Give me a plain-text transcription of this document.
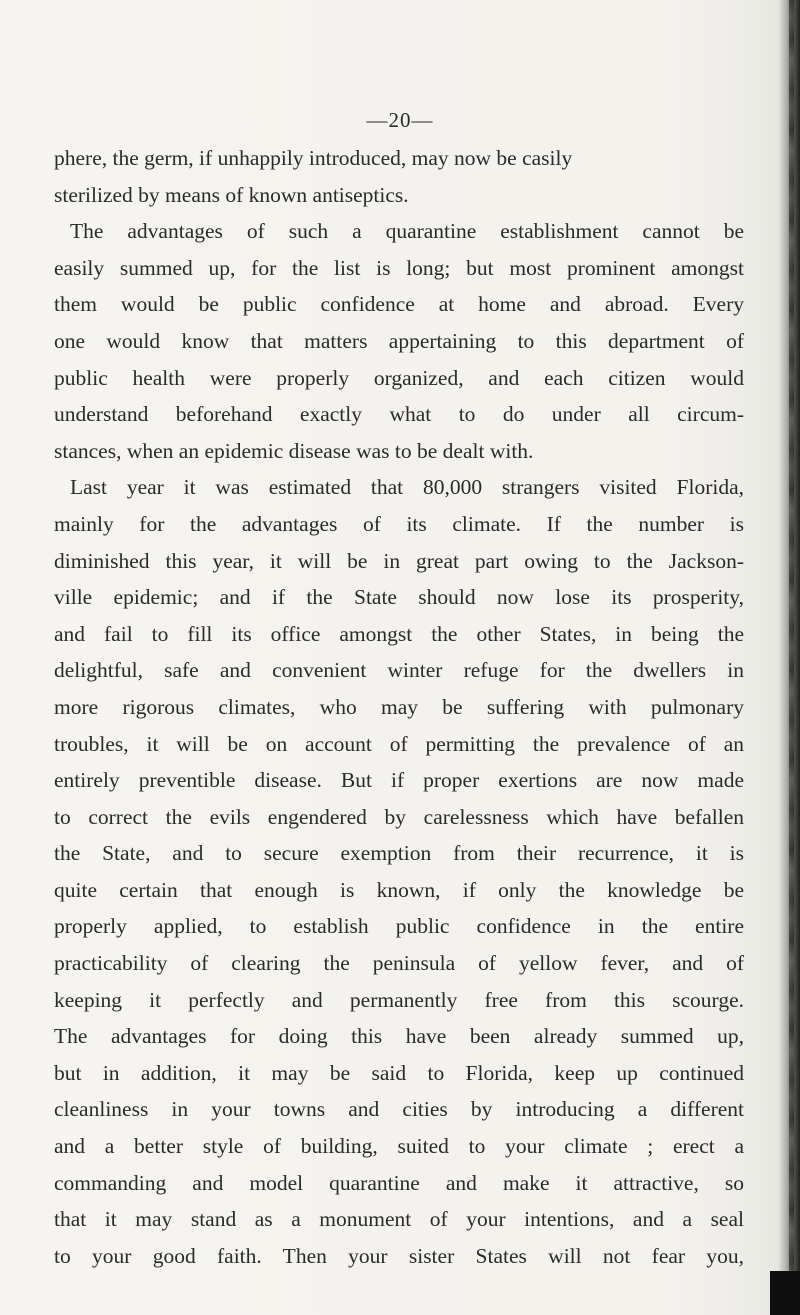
—20—
phere, the germ, if unhappily introduced, may now be casily
sterilized by means of known antiseptics.
The advantages of such a quarantine establishment cannot be
easily summed up, for the list is long; but most prominent amongst
them would be public confidence at home and abroad. Every
one would know that matters appertaining to this department of
public health were properly organized, and each citizen would
understand beforehand exactly what to do under all circum-
stances, when an epidemic disease was to be dealt with.
Last year it was estimated that 80,000 strangers visited Florida,
mainly for the advantages of its climate. If the number is
diminished this year, it will be in great part owing to the Jackson-
ville epidemic; and if the State should now lose its prosperity,
and fail to fill its office amongst the other States, in being the
delightful, safe and convenient winter refuge for the dwellers in
more rigorous climates, who may be suffering with pulmonary
troubles, it will be on account of permitting the prevalence of an
entirely preventible disease. But if proper exertions are now made
to correct the evils engendered by carelessness which have befallen
the State, and to secure exemption from their recurrence, it is
quite certain that enough is known, if only the knowledge be
properly applied, to establish public confidence in the entire
practicability of clearing the peninsula of yellow fever, and of
keeping it perfectly and permanently free from this scourge.
The advantages for doing this have been already summed up,
but in addition, it may be said to Florida, keep up continued
cleanliness in your towns and cities by introducing a different
and a better style of building, suited to your climate ; erect a
commanding and model quarantine and make it attractive, so
that it may stand as a monument of your intentions, and a seal
to your good faith. Then your sister States will not fear you,
